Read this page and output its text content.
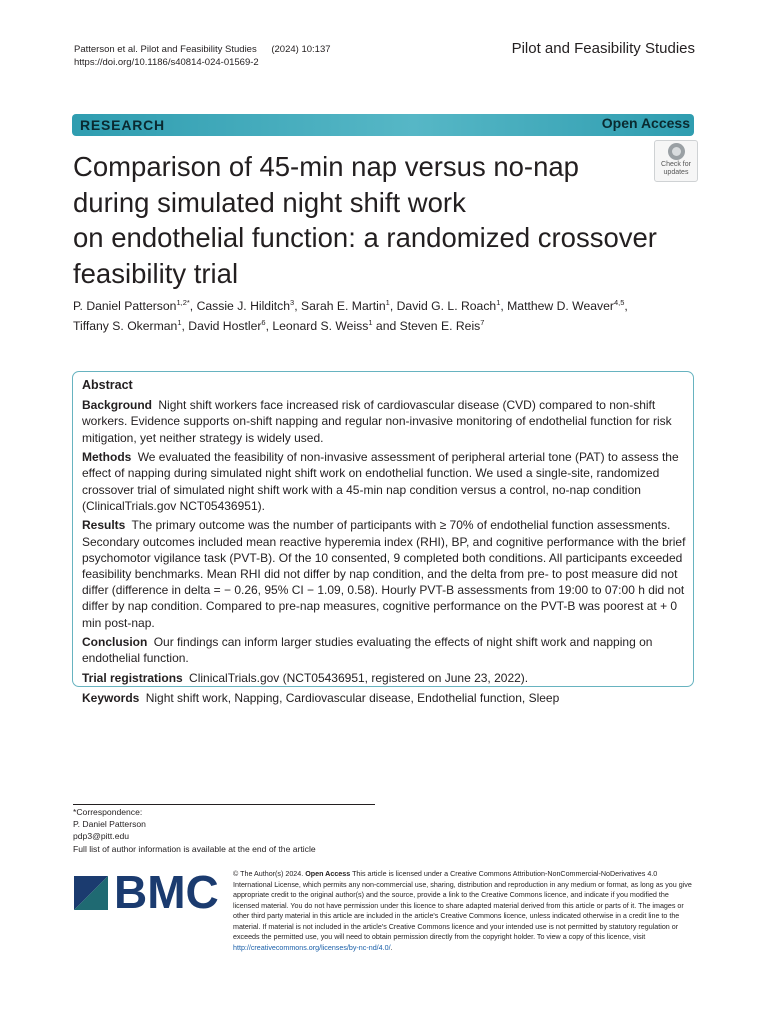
Patterson et al. Pilot and Feasibility Studies (2024) 10:137
https://doi.org/10.1186/s40814-024-01569-2
Pilot and Feasibility Studies
RESEARCH	Open Access
Check for
updates
Comparison of 45-min nap versus no-nap
during simulated night shift work
on endothelial function: a randomized crossover
feasibility trial
P. Daniel Patterson$^{1,2*}$, Cassie J. Hilditch$^3$, Sarah E. Martin$^1$, David G. L. Roach$^1$, Matthew D. Weaver$^{4,5}$,
Tiffany S. Okerman$^1$, David Hostler$^6$, Leonard S. Weiss$^1$ and Steven E. Reis$^7$
Abstract

Background Night shift workers face increased risk of cardiovascular disease (CVD) compared to non-shift workers. Evidence supports on-shift napping and regular non-invasive monitoring of endothelial function for risk mitigation, yet neither strategy is widely used.

Methods We evaluated the feasibility of non-invasive assessment of peripheral arterial tone (PAT) to assess the effect of napping during simulated night shift work on endothelial function. We used a single-site, randomized crossover trial of simulated night shift work with a 45-min nap condition versus a control, no-nap condition (ClinicalTrials.gov NCT05436951).

Results The primary outcome was the number of participants with ≥ 70% of endothelial function assessments. Secondary outcomes included mean reactive hyperemia index (RHI), BP, and cognitive performance with the brief psychomotor vigilance task (PVT-B). Of the 10 consented, 9 completed both conditions. All participants exceeded feasibility benchmarks. Mean RHI did not differ by nap condition, and the delta from pre- to post measure did not differ (difference in delta = − 0.26, 95% CI − 1.09, 0.58). Hourly PVT-B assessments from 19:00 to 07:00 h did not differ by nap condition. Compared to pre-nap measures, cognitive performance on the PVT-B was poorest at + 0 min post-nap.

Conclusion Our findings can inform larger studies evaluating the effects of night shift work and napping on endothelial function.

Trial registrations ClinicalTrials.gov (NCT05436951, registered on June 23, 2022).

Keywords Night shift work, Napping, Cardiovascular disease, Endothelial function, Sleep

*Correspondence:
P. Daniel Patterson
pdp3@pitt.edu
Full list of author information is available at the end of the article
BMC © The Author(s) 2024. Open Access This article is licensed under a Creative Commons Attribution-NonCommercial-NoDerivatives 4.0 International License, which permits any non-commercial use, sharing, distribution and reproduction in any medium or format, as long as you give appropriate credit to the original author(s) and the source, provide a link to the Creative Commons licence, and indicate if you modified the licensed material. You do not have permission under this licence to share adapted material derived from this article or parts of it. The images or other third party material in this article are included in the article's Creative Commons licence, unless indicated otherwise in a credit line to the material. If material is not included in the article's Creative Commons licence and your intended use is not permitted by statutory regulation or exceeds the permitted use, you will need to obtain permission directly from the copyright holder. To view a copy of this licence, visit http://creativecommons.org/licenses/by-nc-nd/4.0/.
